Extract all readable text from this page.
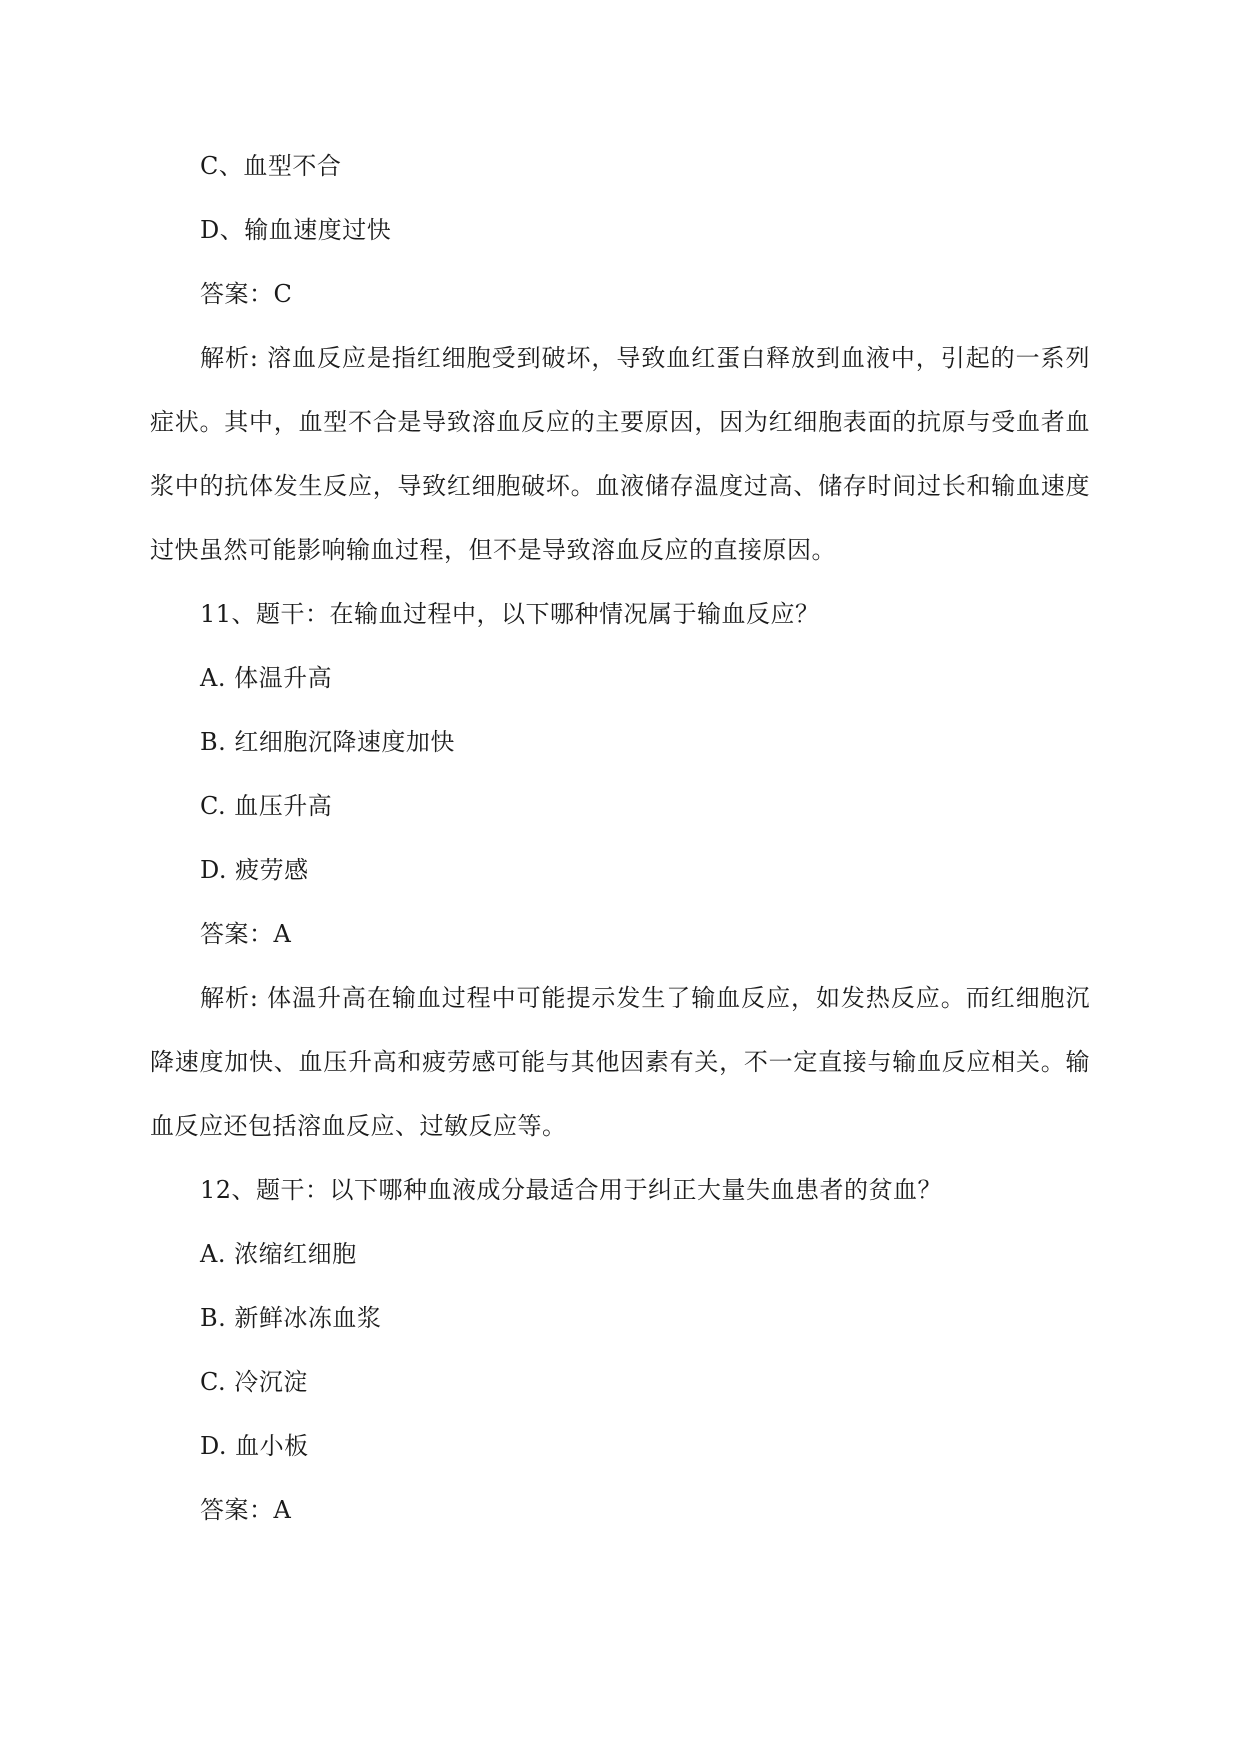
C、血型不合
D、输血速度过快
答案：C
解析: 溶血反应是指红细胞受到破坏，导致血红蛋白释放到血液中，引起的一系列
症状。其中，血型不合是导致溶血反应的主要原因，因为红细胞表面的抗原与受血者血
浆中的抗体发生反应，导致红细胞破坏。血液储存温度过高、储存时间过长和输血速度
过快虽然可能影响输血过程，但不是导致溶血反应的直接原因。
11、题干：在输血过程中，以下哪种情况属于输血反应？
A. 体温升高
B. 红细胞沉降速度加快
C. 血压升高
D. 疲劳感
答案：A
解析: 体温升高在输血过程中可能提示发生了输血反应，如发热反应。而红细胞沉
降速度加快、血压升高和疲劳感可能与其他因素有关，不一定直接与输血反应相关。输
血反应还包括溶血反应、过敏反应等。
12、题干：以下哪种血液成分最适合用于纠正大量失血患者的贫血？
A. 浓缩红细胞
B. 新鲜冰冻血浆
C. 冷沉淀
D. 血小板
答案：A
